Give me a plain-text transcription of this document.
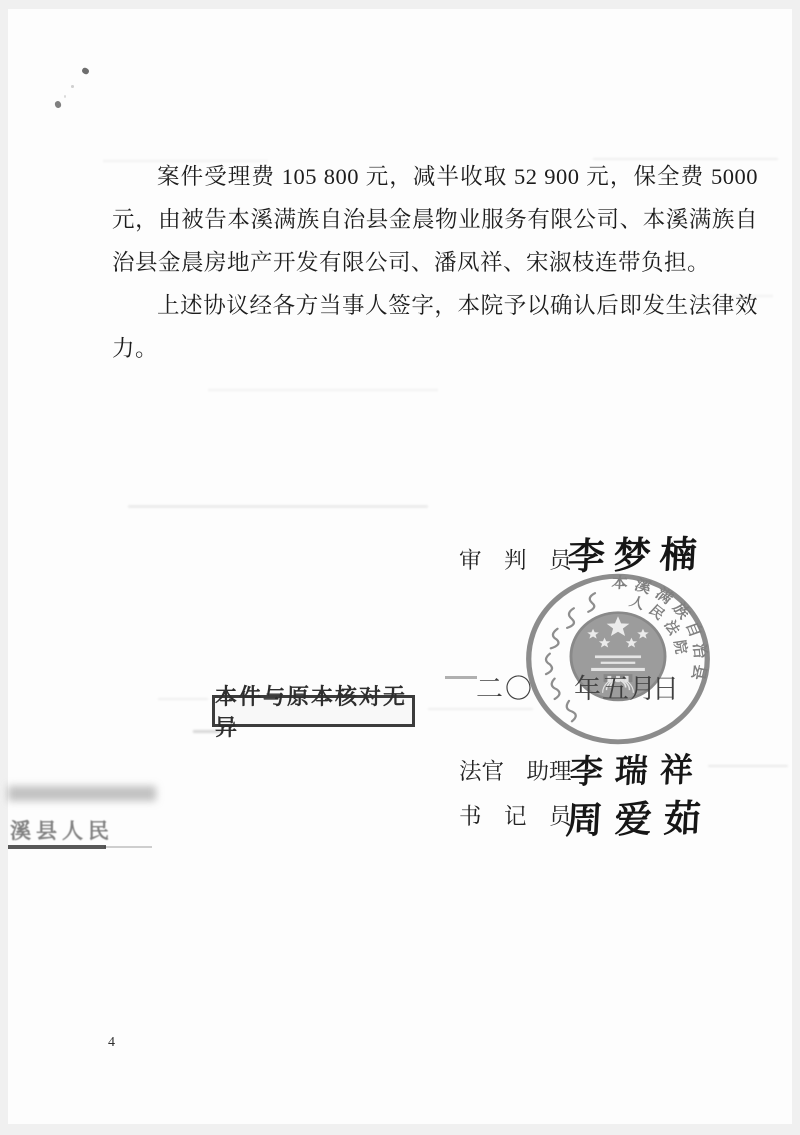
案件受理费 105 800 元，减半收取 52 900 元，保全费 5000
元，由被告本溪满族自治县金晨物业服务有限公司、本溪满族自
治县金晨房地产开发有限公司、潘凤祥、宋淑枝连带负担。
上述协议经各方当事人签字，本院予以确认后即发生法律效
力。
审　判　员
李梦楠
法官　助理
李瑞祥
书　记　员
周爱茹
二 〇 年 五月
日
本溪满族自治县
人民法院
本件与原本核对无异
溪县人民
4
